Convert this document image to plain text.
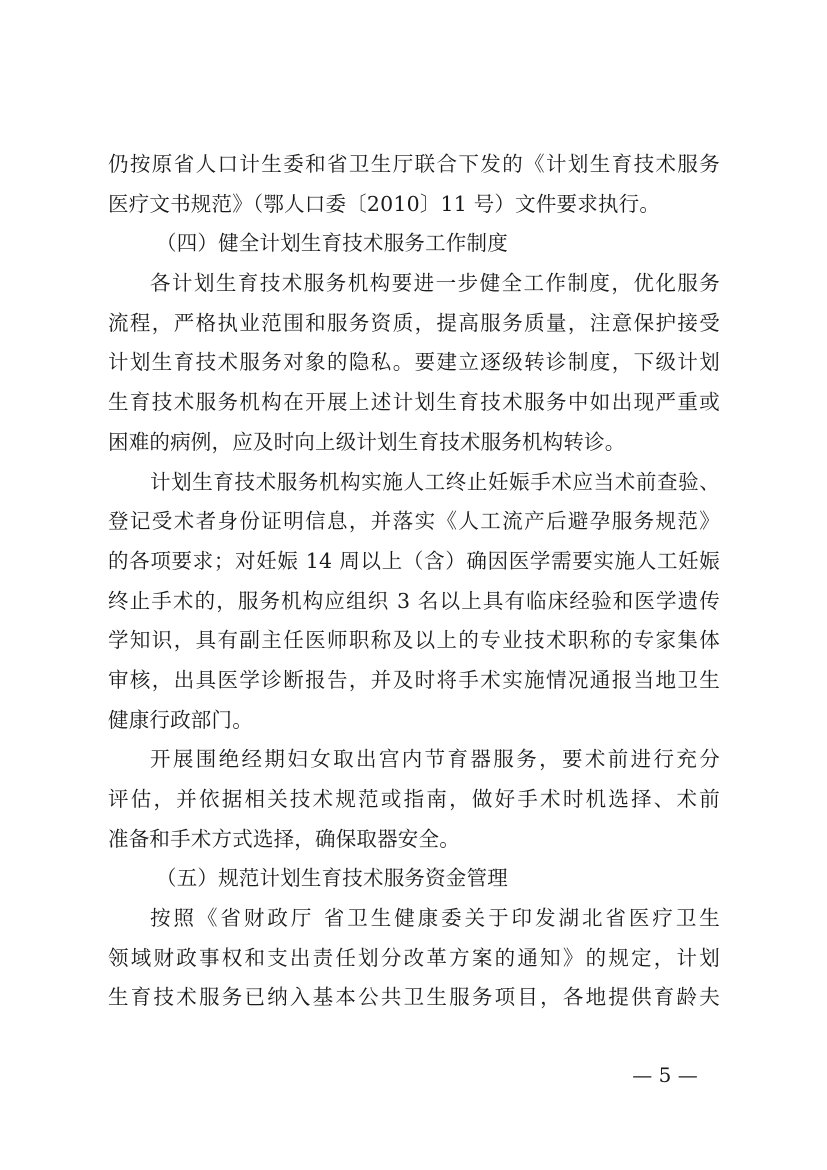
仍按原省人口计生委和省卫生厅联合下发的《计划生育技术服务
医疗文书规范》（鄂人口委〔2010〕11 号）文件要求执行。
（四）健全计划生育技术服务工作制度
各计划生育技术服务机构要进一步健全工作制度，优化服务
流程，严格执业范围和服务资质，提高服务质量，注意保护接受
计划生育技术服务对象的隐私。要建立逐级转诊制度，下级计划
生育技术服务机构在开展上述计划生育技术服务中如出现严重或
困难的病例，应及时向上级计划生育技术服务机构转诊。
计划生育技术服务机构实施人工终止妊娠手术应当术前查验、
登记受术者身份证明信息，并落实《人工流产后避孕服务规范》
的各项要求；对妊娠 14 周以上（含）确因医学需要实施人工妊娠
终止手术的，服务机构应组织 3 名以上具有临床经验和医学遗传
学知识，具有副主任医师职称及以上的专业技术职称的专家集体
审核，出具医学诊断报告，并及时将手术实施情况通报当地卫生
健康行政部门。
开展围绝经期妇女取出宫内节育器服务，要术前进行充分
评估，并依据相关技术规范或指南，做好手术时机选择、术前
准备和手术方式选择，确保取器安全。
（五）规范计划生育技术服务资金管理
按照《省财政厅 省卫生健康委关于印发湖北省医疗卫生
领域财政事权和支出责任划分改革方案的通知》的规定，计划
生育技术服务已纳入基本公共卫生服务项目，各地提供育龄夫
— 5 —
